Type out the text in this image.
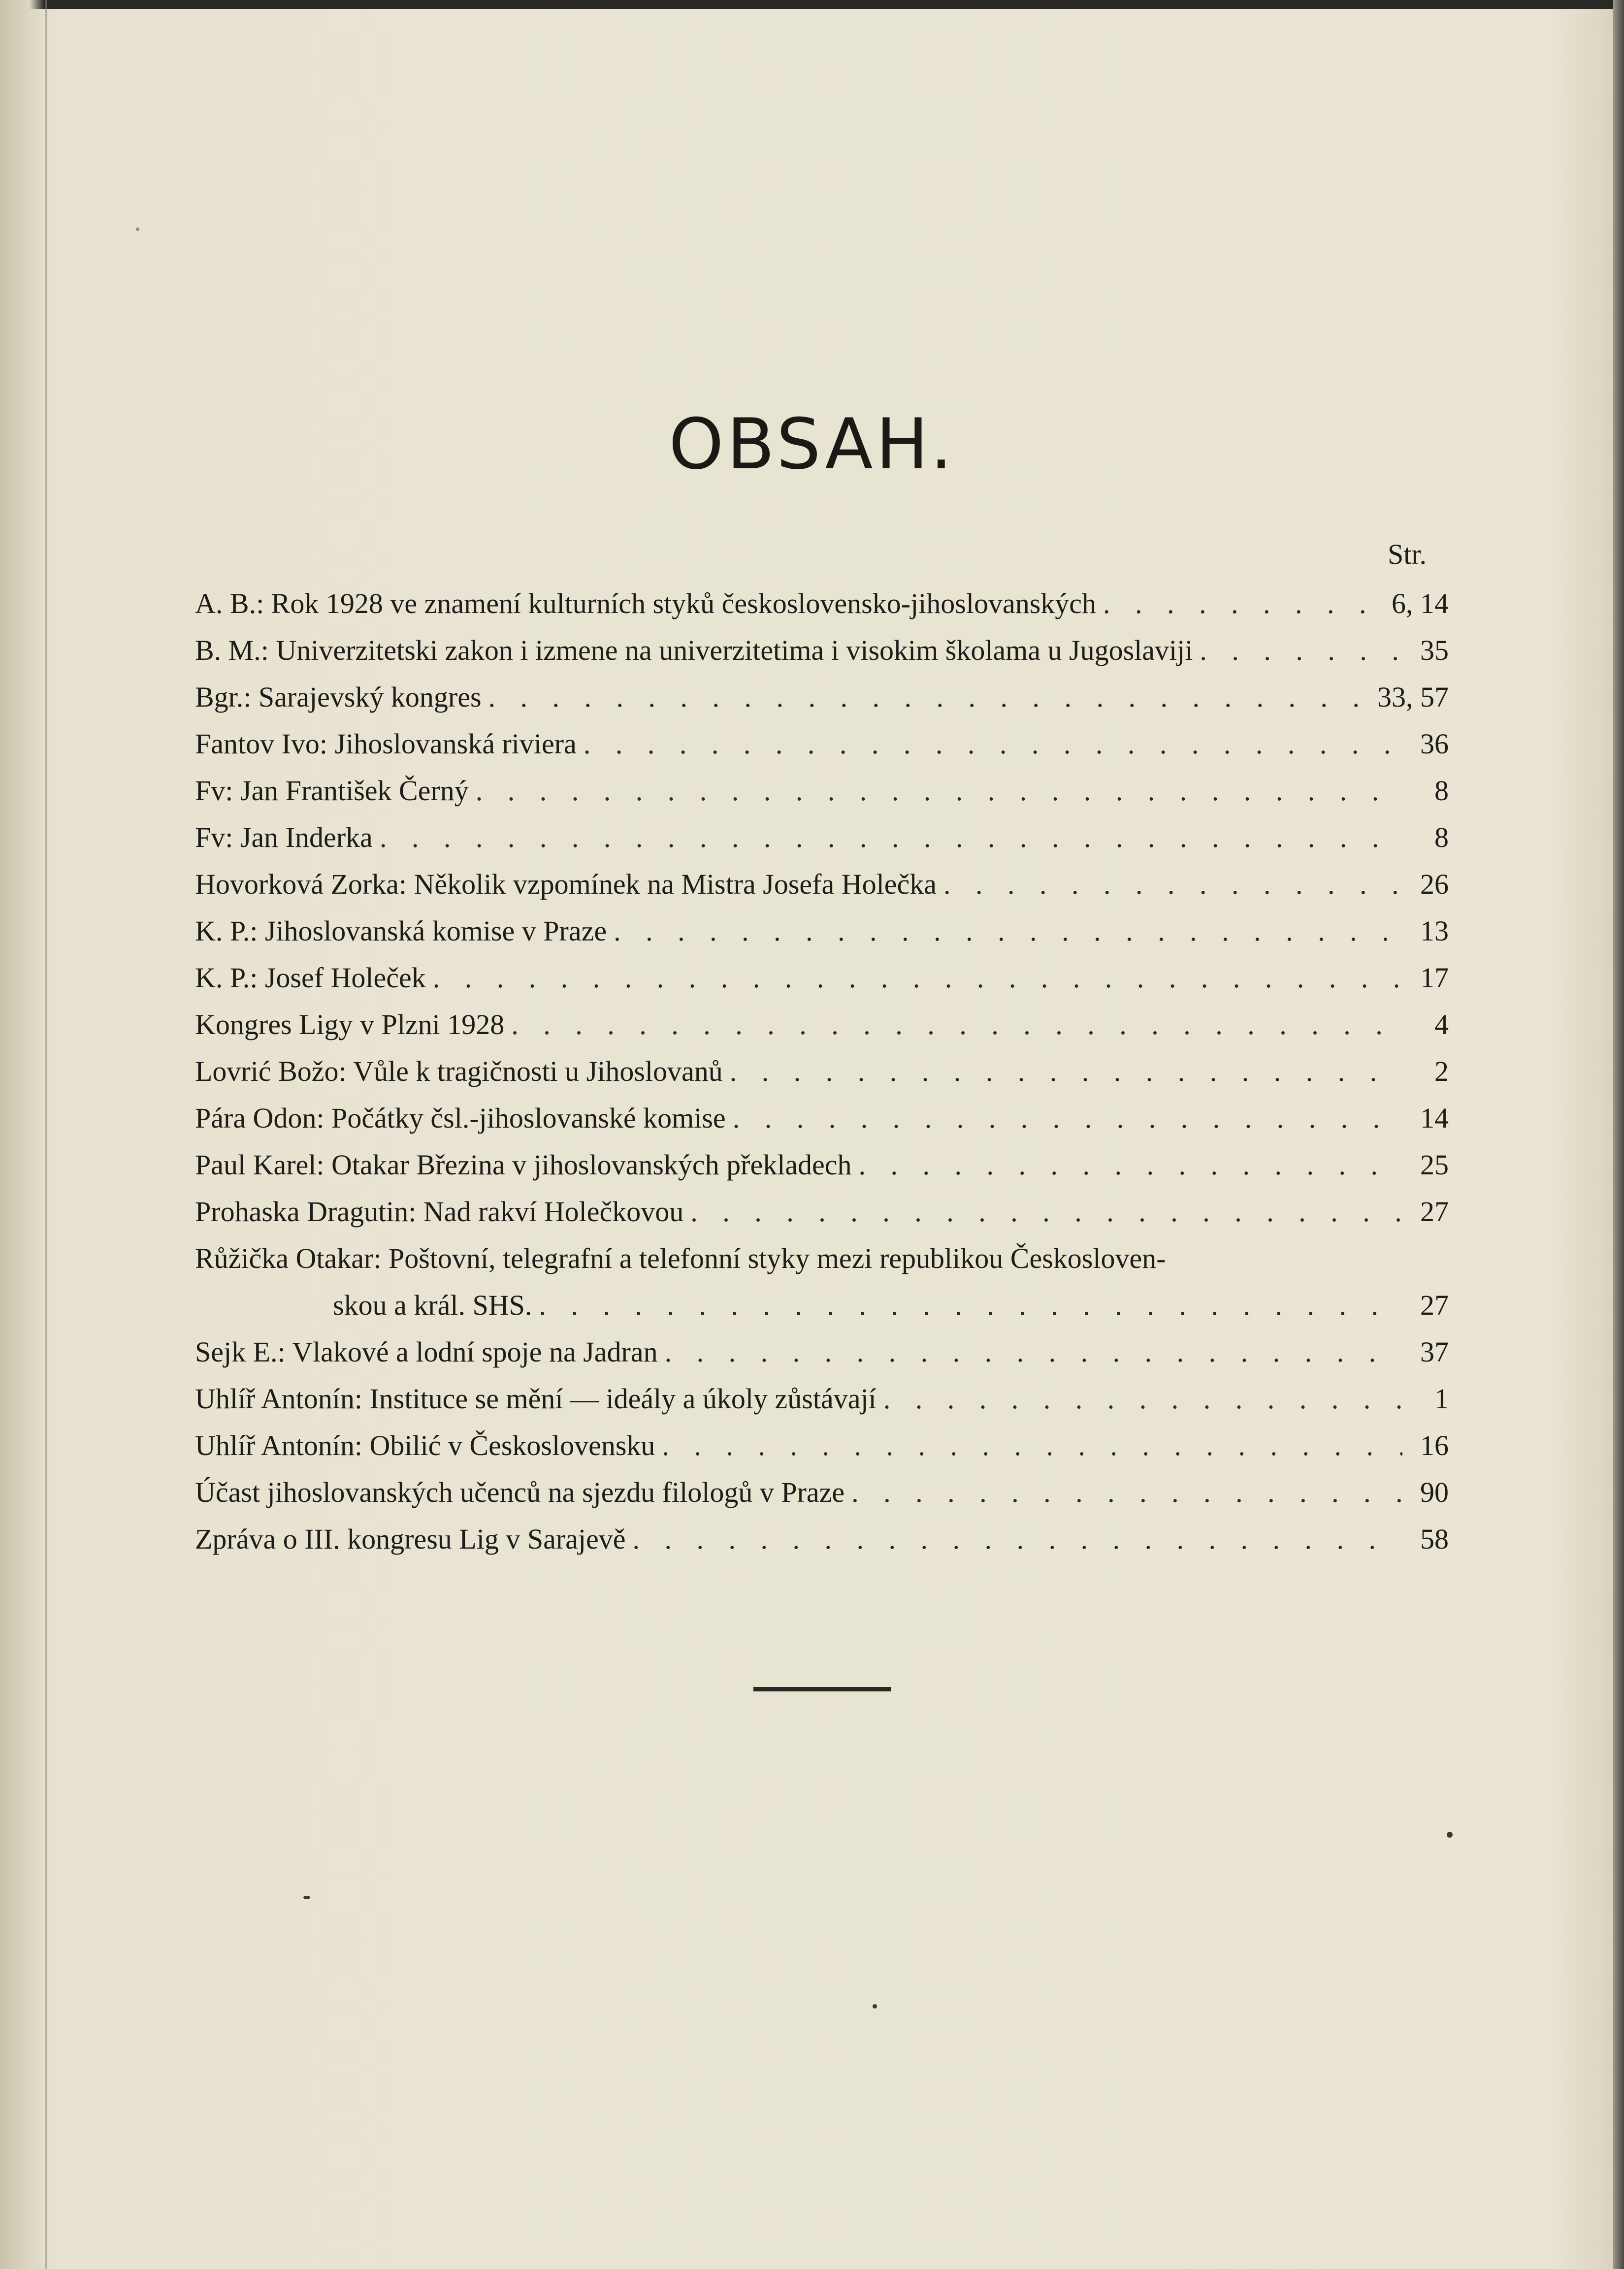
OBSAH.
Str.
A. B.: Rok 1928 ve znamení kulturních styků československo-jihoslovanských . . .	6, 14
B. M.: Univerzitetski zakon i izmene na univerzitetima i visokim školama u Jugoslaviji . . .	35
Bgr.: Sarajevský kongres . . .	33, 57
Fantov Ivo: Jihoslovanská riviera . . .	36
Fv: Jan František Černý . . .	8
Fv: Jan Inderka . . .	8
Hovorková Zorka: Několik vzpomínek na Mistra Josefa Holečka . . .	26
K. P.: Jihoslovanská komise v Praze . . .	13
K. P.: Josef Holeček . . .	17
Kongres Ligy v Plzni 1928 . . .	4
Lovrić Božo: Vůle k tragičnosti u Jihoslovanů . . .	2
Pára Odon: Počátky čsl.-jihoslovanské komise . . .	14
Paul Karel: Otakar Březina v jihoslovanských překladech . . .	25
Prohaska Dragutin: Nad rakví Holečkovou . . .	27
Růžička Otakar: Poštovní, telegrafní a telefonní styky mezi republikou Českosloven-
skou a král. SHS. . . .	27
Sejk E.: Vlakové a lodní spoje na Jadran . . .	37
Uhlíř Antonín: Instituce se mění — ideály a úkoly zůstávají . . .	1
Uhlíř Antonín: Obilić v Československu . . .	16
Účast jihoslovanských učenců na sjezdu filologů v Praze . . .	90
Zpráva o III. kongresu Lig v Sarajevě . . .	58
